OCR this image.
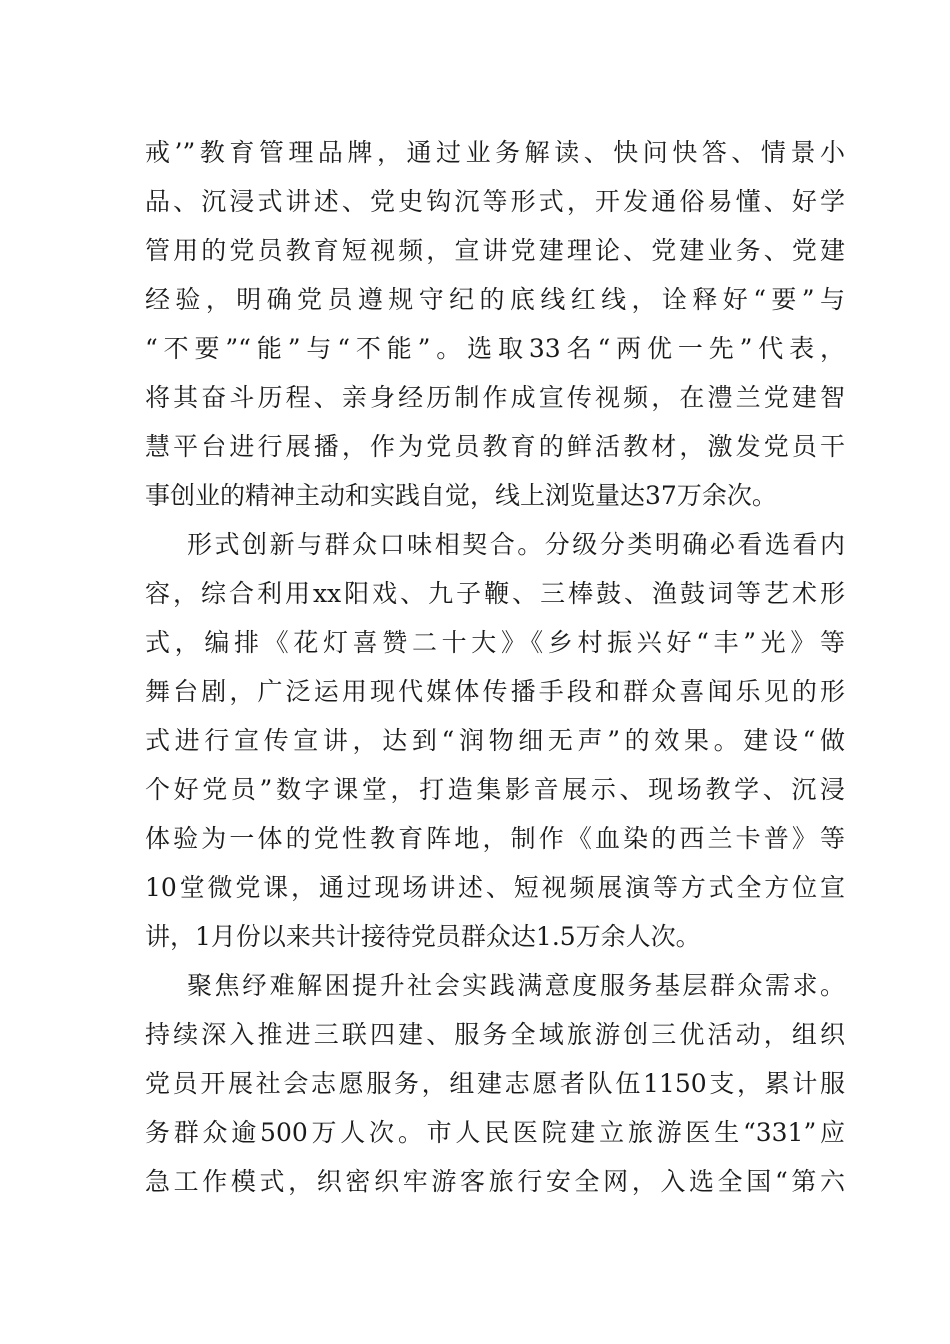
戒’”教育管理品牌，通过业务解读、快问快答、情景小

品、沉浸式讲述、党史钩沉等形式，开发通俗易懂、好学

管用的党员教育短视频，宣讲党建理论、党建业务、党建

经验，明确党员遵规守纪的底线红线，诠释好“要”与

“不要”“能”与“不能”。选取33名“两优一先”代表，

将其奋斗历程、亲身经历制作成宣传视频，在澧兰党建智

慧平台进行展播，作为党员教育的鲜活教材，激发党员干

事创业的精神主动和实践自觉，线上浏览量达37万余次。

形式创新与群众口味相契合。分级分类明确必看选看内

容，综合利用xx阳戏、九子鞭、三棒鼓、渔鼓词等艺术形

式，编排《花灯喜赞二十大》《乡村振兴好“丰”光》等

舞台剧，广泛运用现代媒体传播手段和群众喜闻乐见的形

式进行宣传宣讲，达到“润物细无声”的效果。建设“做

个好党员”数字课堂，打造集影音展示、现场教学、沉浸

体验为一体的党性教育阵地，制作《血染的西兰卡普》等

10堂微党课，通过现场讲述、短视频展演等方式全方位宣

讲，1月份以来共计接待党员群众达1.5万余人次。

聚焦纾难解困提升社会实践满意度服务基层群众需求。

持续深入推进三联四建、服务全域旅游创三优活动，组织

党员开展社会志愿服务，组建志愿者队伍1150支，累计服

务群众逾500万人次。市人民医院建立旅游医生“331”应

急工作模式，织密织牢游客旅行安全网，入选全国“第六
